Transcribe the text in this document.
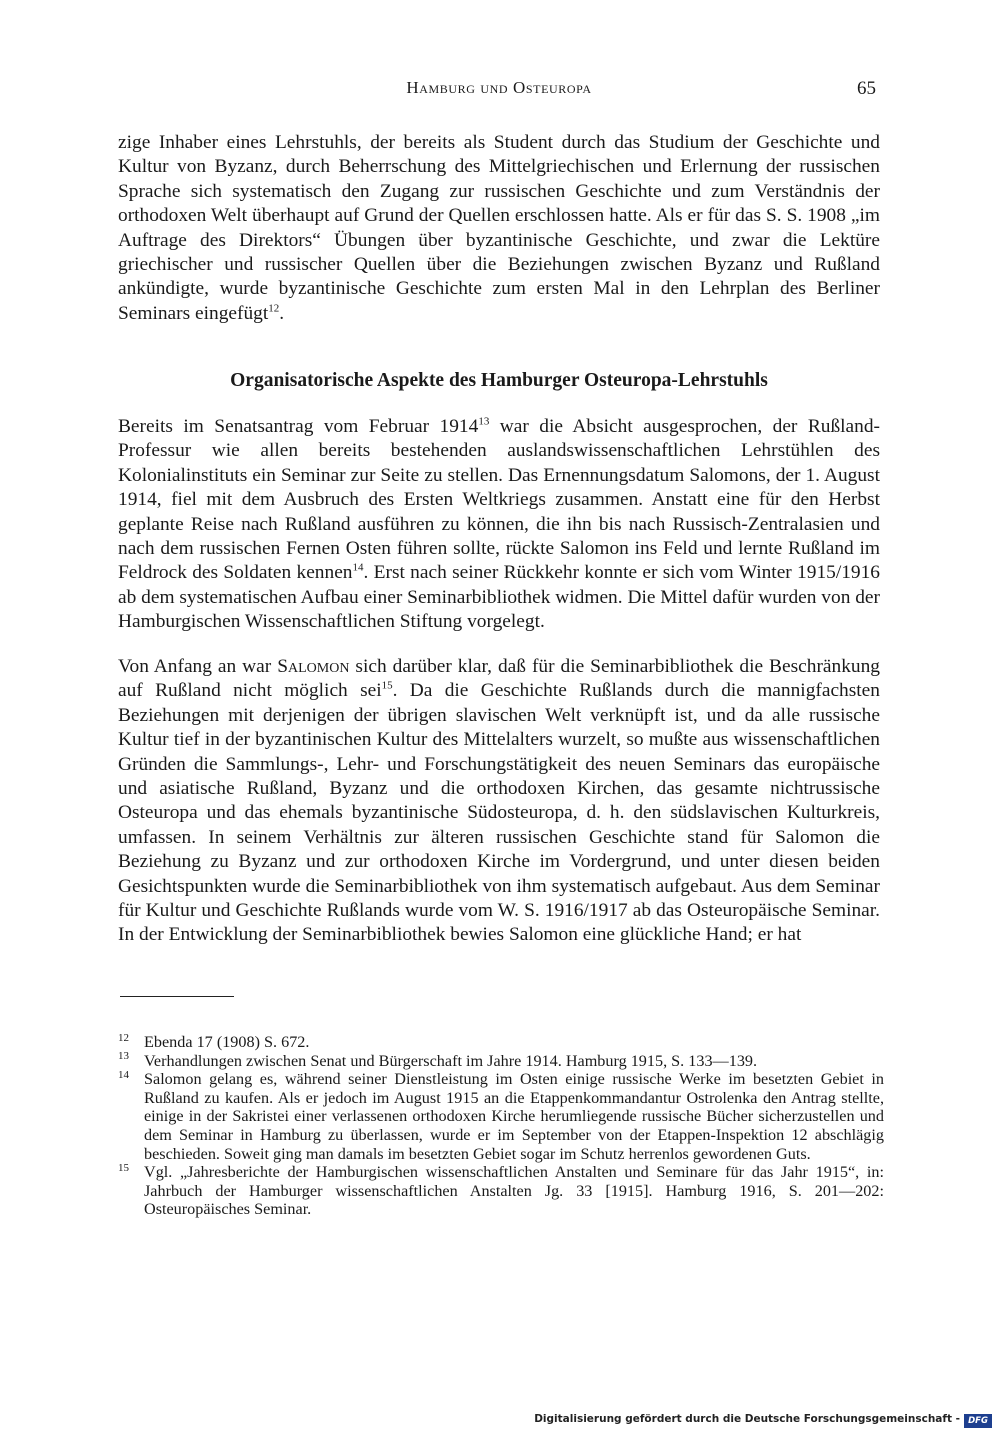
Hamburg und Osteuropa	65
zige Inhaber eines Lehrstuhls, der bereits als Student durch das Studium der Geschichte und Kultur von Byzanz, durch Beherrschung des Mittelgriechischen und Erlernung der russischen Sprache sich systematisch den Zugang zur russischen Geschichte und zum Verständnis der orthodoxen Welt überhaupt auf Grund der Quellen erschlossen hatte. Als er für das S. S. 1908 „im Auftrage des Direktors“ Übungen über byzantinische Geschichte, und zwar die Lektüre griechischer und russischer Quellen über die Beziehungen zwischen Byzanz und Rußland ankündigte, wurde byzantinische Geschichte zum ersten Mal in den Lehrplan des Berliner Seminars eingefügt$^{12}$.
Organisatorische Aspekte des Hamburger Osteuropa-Lehrstuhls
Bereits im Senatsantrag vom Februar 1914$^{13}$ war die Absicht ausgesprochen, der Rußland-Professur wie allen bereits bestehenden auslandswissenschaftlichen Lehrstühlen des Kolonialinstituts ein Seminar zur Seite zu stellen. Das Ernennungsdatum Salomons, der 1. August 1914, fiel mit dem Ausbruch des Ersten Weltkriegs zusammen. Anstatt eine für den Herbst geplante Reise nach Rußland ausführen zu können, die ihn bis nach Russisch-Zentralasien und nach dem russischen Fernen Osten führen sollte, rückte Salomon ins Feld und lernte Rußland im Feldrock des Soldaten kennen$^{14}$. Erst nach seiner Rückkehr konnte er sich vom Winter 1915/1916 ab dem systematischen Aufbau einer Seminarbibliothek widmen. Die Mittel dafür wurden von der Hamburgischen Wissenschaftlichen Stiftung vorgelegt.
Von Anfang an war Salomon sich darüber klar, daß für die Seminarbibliothek die Beschränkung auf Rußland nicht möglich sei$^{15}$. Da die Geschichte Rußlands durch die mannigfachsten Beziehungen mit derjenigen der übrigen slavischen Welt verknüpft ist, und da alle russische Kultur tief in der byzantinischen Kultur des Mittelalters wurzelt, so mußte aus wissenschaftlichen Gründen die Sammlungs-, Lehr- und Forschungstätigkeit des neuen Seminars das europäische und asiatische Rußland, Byzanz und die orthodoxen Kirchen, das gesamte nichtrussische Osteuropa und das ehemals byzantinische Südosteuropa, d. h. den südslavischen Kulturkreis, umfassen. In seinem Verhältnis zur älteren russischen Geschichte stand für Salomon die Beziehung zu Byzanz und zur orthodoxen Kirche im Vordergrund, und unter diesen beiden Gesichtspunkten wurde die Seminarbibliothek von ihm systematisch aufgebaut. Aus dem Seminar für Kultur und Geschichte Rußlands wurde vom W. S. 1916/1917 ab das Osteuropäische Seminar. In der Entwicklung der Seminarbibliothek bewies Salomon eine glückliche Hand; er hat

12 Ebenda 17 (1908) S. 672.

13 Verhandlungen zwischen Senat und Bürgerschaft im Jahre 1914. Hamburg 1915, S. 133—139.

14 Salomon gelang es, während seiner Dienstleistung im Osten einige russische Werke im besetzten Gebiet in Rußland zu kaufen. Als er jedoch im August 1915 an die Etappenkommandantur Ostrolenka den Antrag stellte, einige in der Sakristei einer verlassenen orthodoxen Kirche herumliegende russische Bücher sicherzustellen und dem Seminar in Hamburg zu überlassen, wurde er im September von der Etappen-Inspektion 12 abschlägig beschieden. Soweit ging man damals im besetzten Gebiet sogar im Schutz herrenlos gewordenen Guts.

15 Vgl. „Jahresberichte der Hamburgischen wissenschaftlichen Anstalten und Seminare für das Jahr 1915“, in: Jahrbuch der Hamburger wissenschaftlichen Anstalten Jg. 33 [1915]. Hamburg 1916, S. 201—202: Osteuropäisches Seminar.

Digitalisierung gefördert durch die Deutsche Forschungsgemeinschaft - DFG
